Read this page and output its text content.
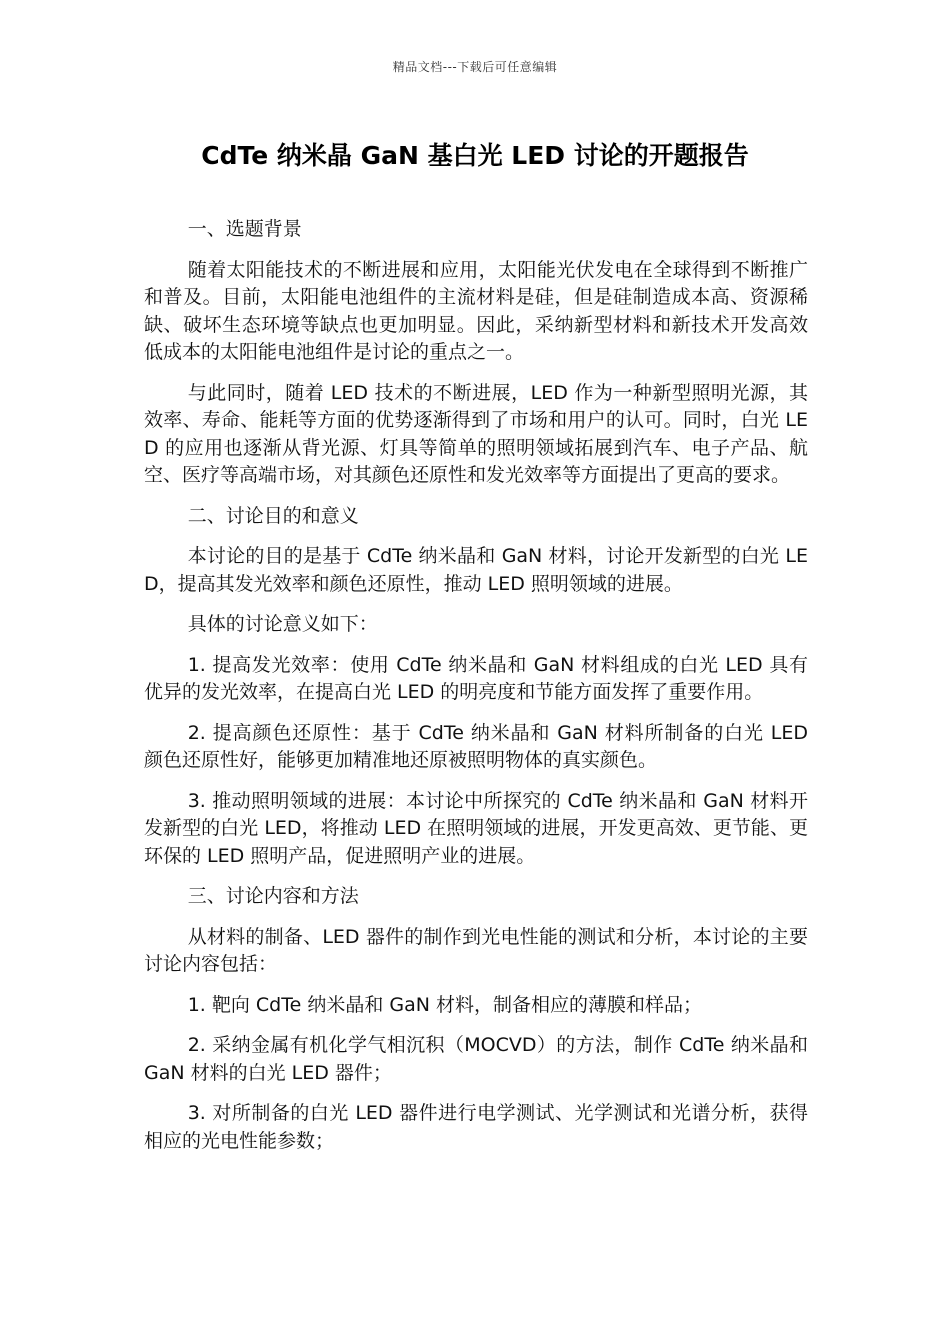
精品文档---下载后可任意编辑
CdTe 纳米晶 GaN 基白光 LED 讨论的开题报告

一、选题背景

随着太阳能技术的不断进展和应用，太阳能光伏发电在全球得到不断推广和普及。目前，太阳能电池组件的主流材料是硅，但是硅制造成本高、资源稀缺、破坏生态环境等缺点也更加明显。因此，采纳新型材料和新技术开发高效低成本的太阳能电池组件是讨论的重点之一。

与此同时，随着 LED 技术的不断进展，LED 作为一种新型照明光源，其效率、寿命、能耗等方面的优势逐渐得到了市场和用户的认可。同时，白光 LED 的应用也逐渐从背光源、灯具等简单的照明领域拓展到汽车、电子产品、航空、医疗等高端市场，对其颜色还原性和发光效率等方面提出了更高的要求。

二、讨论目的和意义

本讨论的目的是基于 CdTe 纳米晶和 GaN 材料，讨论开发新型的白光 LED，提高其发光效率和颜色还原性，推动 LED 照明领域的进展。

具体的讨论意义如下：

1. 提高发光效率：使用 CdTe 纳米晶和 GaN 材料组成的白光 LED 具有优异的发光效率，在提高白光 LED 的明亮度和节能方面发挥了重要作用。

2. 提高颜色还原性：基于 CdTe 纳米晶和 GaN 材料所制备的白光 LED 颜色还原性好，能够更加精准地还原被照明物体的真实颜色。

3. 推动照明领域的进展：本讨论中所探究的 CdTe 纳米晶和 GaN 材料开发新型的白光 LED，将推动 LED 在照明领域的进展，开发更高效、更节能、更环保的 LED 照明产品，促进照明产业的进展。

三、讨论内容和方法

从材料的制备、LED 器件的制作到光电性能的测试和分析，本讨论的主要讨论内容包括：

1. 靶向 CdTe 纳米晶和 GaN 材料，制备相应的薄膜和样品；

2. 采纳金属有机化学气相沉积（MOCVD）的方法，制作 CdTe 纳米晶和 GaN 材料的白光 LED 器件；

3. 对所制备的白光 LED 器件进行电学测试、光学测试和光谱分析，获得相应的光电性能参数；
